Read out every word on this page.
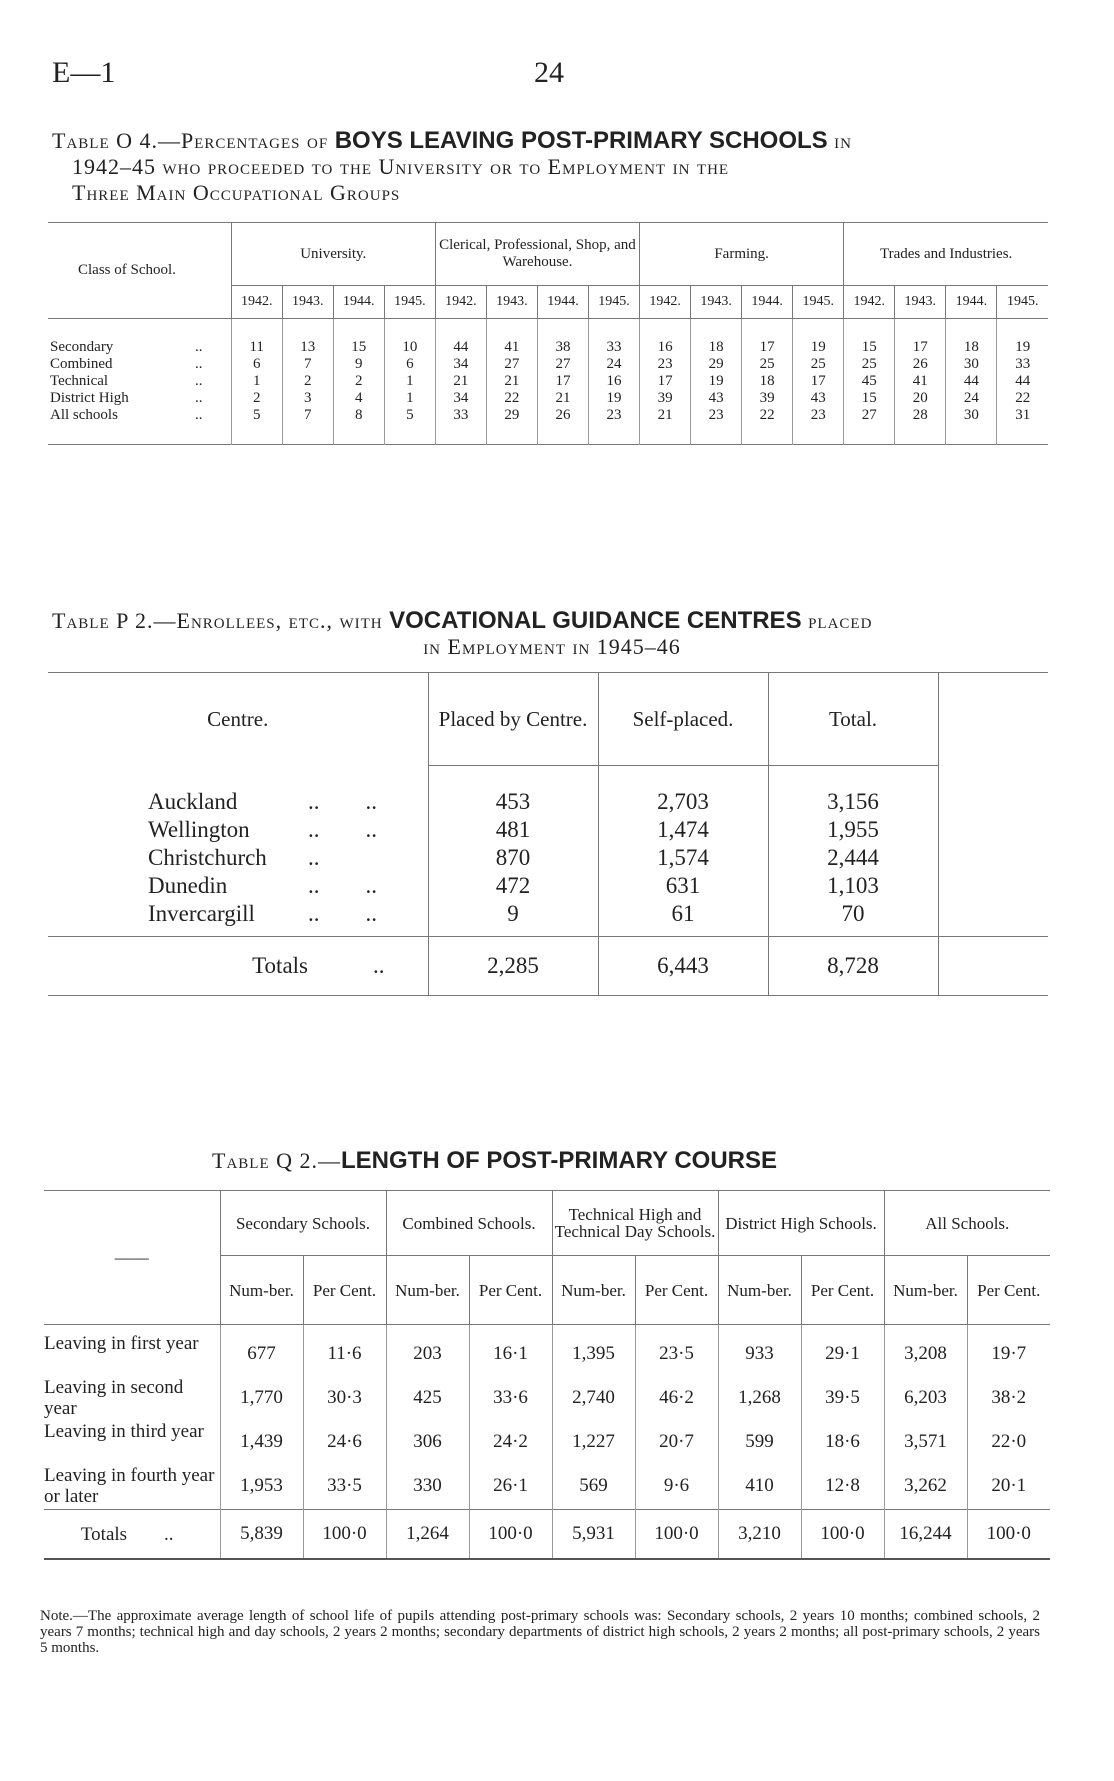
E—1	24
Table O 4.—Percentages of BOYS LEAVING POST-PRIMARY SCHOOLS in
1942–45 who proceeded to the University or to Employment in the
Three Main Occupational Groups
Class of School.	University.				Clerical, Professional, Shop, and Warehouse.				Farming.				Trades and Industries.			
	1942.	1943.	1944.	1945.	1942.	1943.	1944.	1945.	1942.	1943.	1944.	1945.	1942.	1943.	1944.	1945.

Secondary ..	11	13	15	10	44	41	38	33	16	18	17	19	15	17	18	19
Combined ..	6	7	9	6	34	27	27	24	23	29	25	25	25	26	30	33
Technical ..	1	2	2	1	21	21	17	16	17	19	18	17	45	41	44	44
District High ..	2	3	4	1	34	22	21	19	39	43	39	43	15	20	24	22
All schools ..	5	7	8	5	33	29	26	23	21	23	22	23	27	28	30	31

Table P 2.—Enrollees, etc., with VOCATIONAL GUIDANCE CENTRES placed
in Employment in 1945–46
Centre.	Placed by Centre.	Self-placed.	Total.	

Auckland ..        ..	453	2,703	3,156	
Wellington ..        ..	481	1,474	1,955	
Christchurch ..	870	1,574	2,444	
Dunedin ..        ..	472	631	1,103	
Invercargill ..        ..	9	61	70	

Totals ..	2,285	6,443	8,728	
Table Q 2.—LENGTH OF POST-PRIMARY COURSE
——	Secondary Schools.		Combined Schools.		Technical High and Technical Day Schools.		District High Schools.		All Schools.	
	Num-ber.	Per Cent.	Num-ber.	Per Cent.	Num-ber.	Per Cent.	Num-ber.	Per Cent.	Num-ber.	Per Cent.

Leaving in first year	677	11·6	203	16·1	1,395	23·5	933	29·1	3,208	19·7
Leaving in second year	1,770	30·3	425	33·6	2,740	46·2	1,268	39·5	6,203	38·2
Leaving in third year	1,439	24·6	306	24·2	1,227	20·7	599	18·6	3,571	22·0
Leaving in fourth year or later	1,953	33·5	330	26·1	569	9·6	410	12·8	3,262	20·1
Totals ..	5,839	100·0	1,264	100·0	5,931	100·0	3,210	100·0	16,244	100·0
Note.—The approximate average length of school life of pupils attending post-primary schools was: Secondary schools, 2 years 10 months; combined schools, 2 years 7 months; technical high and day schools, 2 years 2 months; secondary departments of district high schools, 2 years 2 months; all post-primary schools, 2 years 5 months.
